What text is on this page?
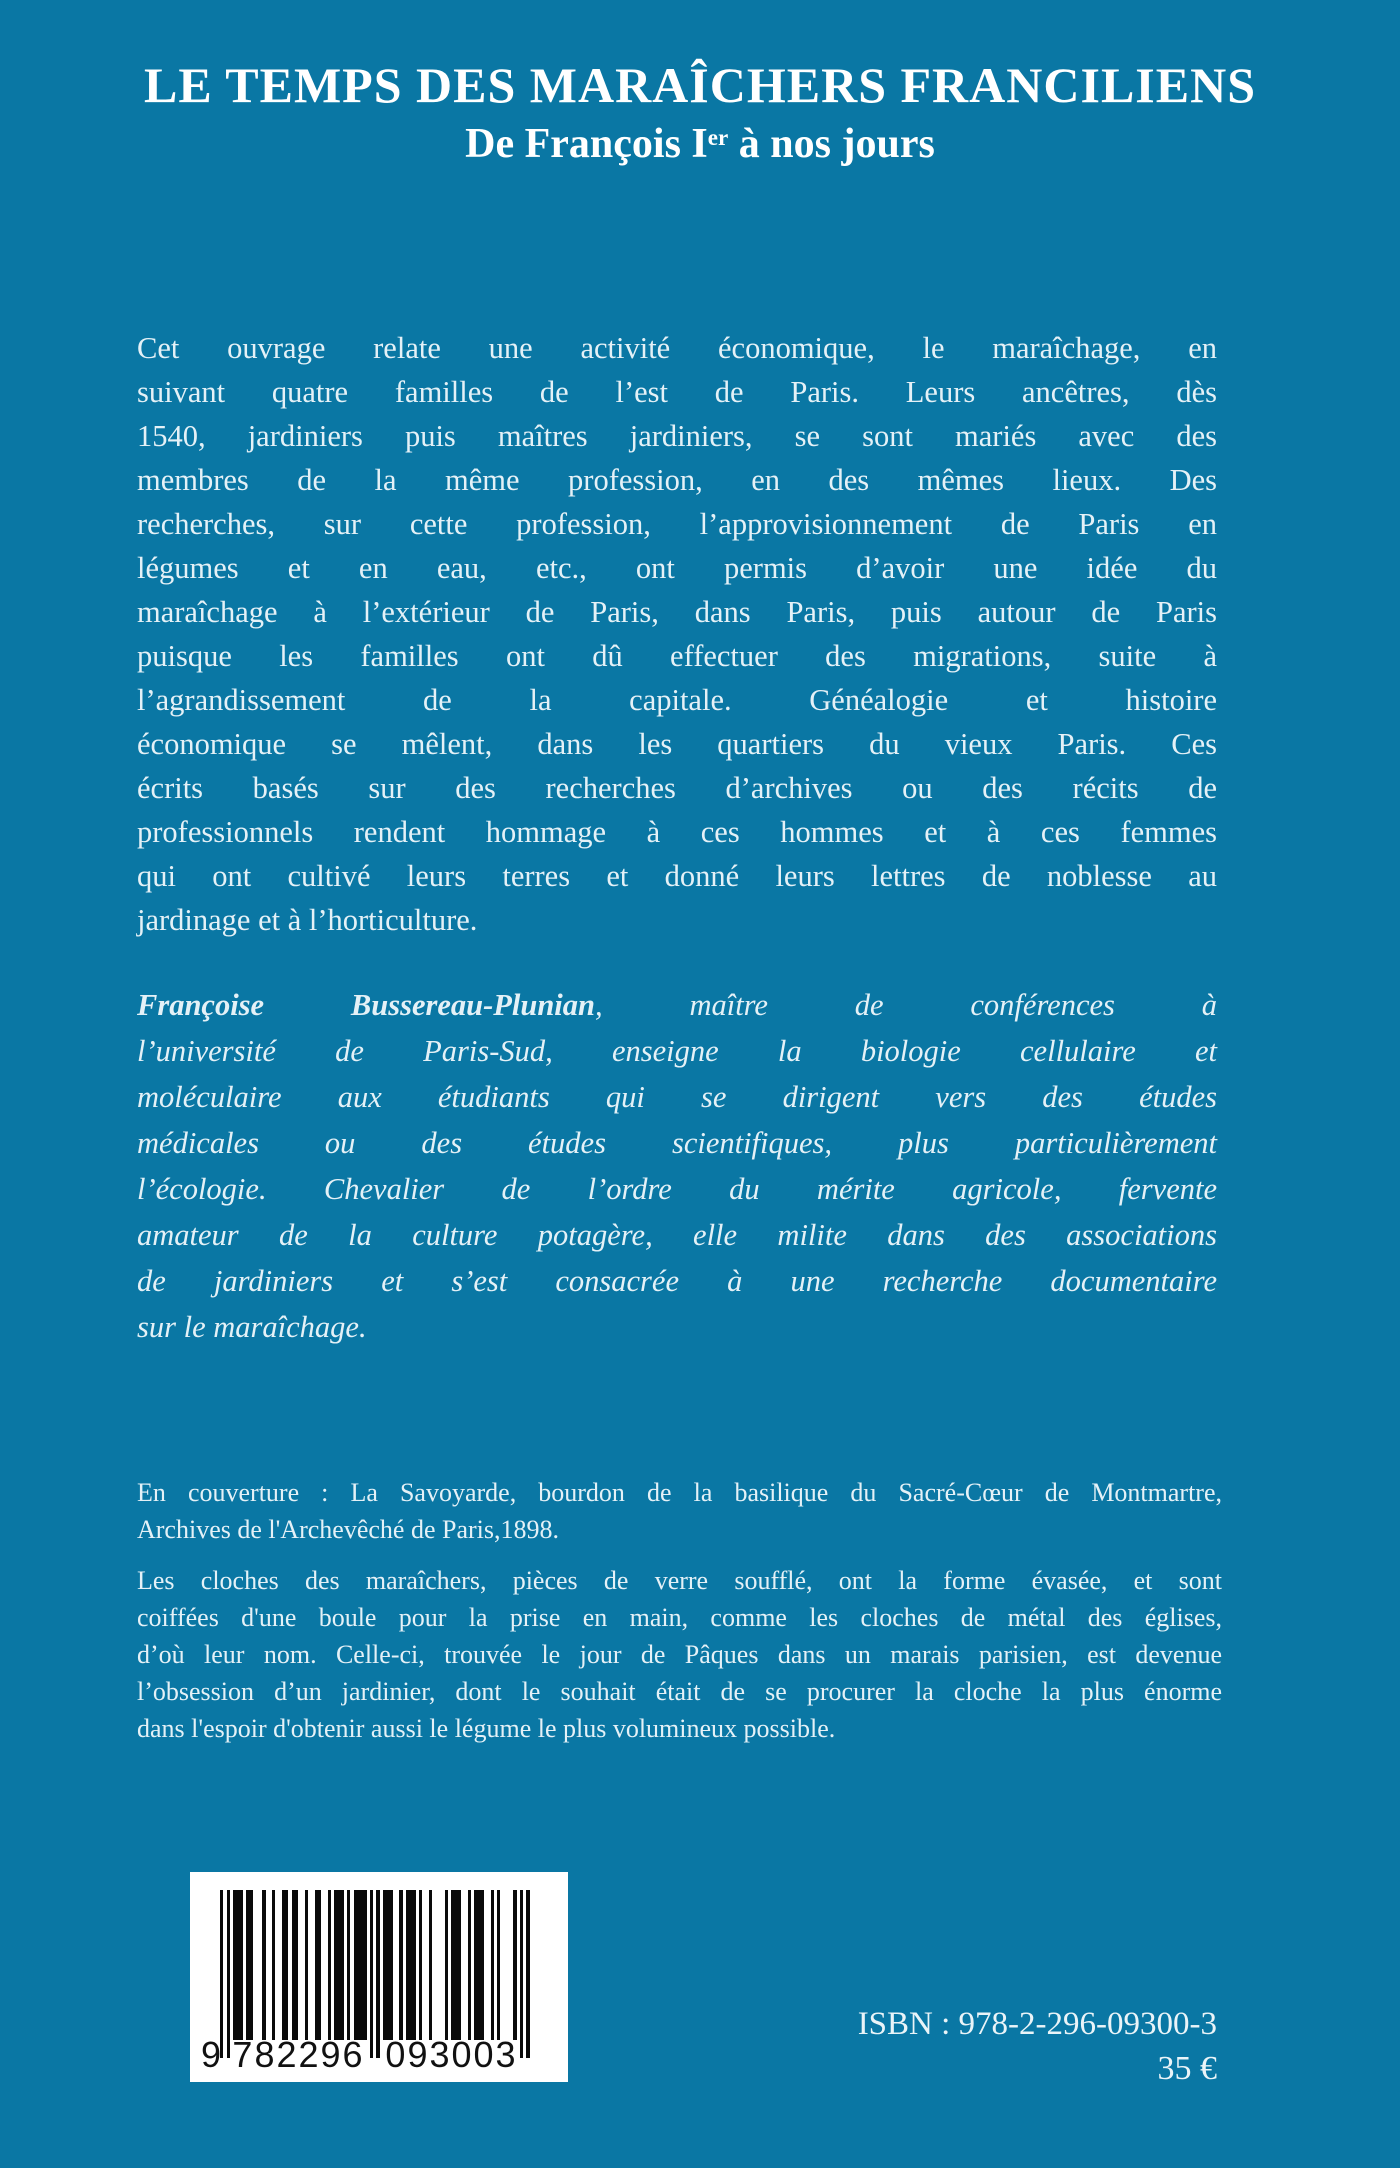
LE TEMPS DES MARAÎCHERS FRANCILIENS
De François Ier à nos jours
Cet ouvrage relate une activité économique, le maraîchage, en
suivant quatre familles de l’est de Paris. Leurs ancêtres, dès
1540, jardiniers puis maîtres jardiniers, se sont mariés avec des
membres de la même profession, en des mêmes lieux. Des
recherches, sur cette profession, l’approvisionnement de Paris en
légumes et en eau, etc., ont permis d’avoir une idée du
maraîchage à l’extérieur de Paris, dans Paris, puis autour de Paris
puisque les familles ont dû effectuer des migrations, suite à
l’agrandissement de la capitale. Généalogie et histoire
économique se mêlent, dans les quartiers du vieux Paris. Ces
écrits basés sur des recherches d’archives ou des récits de
professionnels rendent hommage à ces hommes et à ces femmes
qui ont cultivé leurs terres et donné leurs lettres de noblesse au
jardinage et à l’horticulture.
Françoise Bussereau-Plunian, maître de conférences à
l’université de Paris-Sud, enseigne la biologie cellulaire et
moléculaire aux étudiants qui se dirigent vers des études
médicales ou des études scientifiques, plus particulièrement
l’écologie. Chevalier de l’ordre du mérite agricole, fervente
amateur de la culture potagère, elle milite dans des associations
de jardiniers et s’est consacrée à une recherche documentaire
sur le maraîchage.
En couverture : La Savoyarde, bourdon de la basilique du Sacré-Cœur de Montmartre,
Archives de l'Archevêché de Paris,1898.
Les cloches des maraîchers, pièces de verre soufflé, ont la forme évasée, et sont
coiffées d'une boule pour la prise en main, comme les cloches de métal des églises,
d’où leur nom. Celle-ci, trouvée le jour de Pâques dans un marais parisien, est devenue
l’obsession d’un jardinier, dont le souhait était de se procurer la cloche la plus énorme
dans l'espoir d'obtenir aussi le légume le plus volumineux possible.
9 782296 093003
ISBN : 978-2-296-09300-3
35 €
